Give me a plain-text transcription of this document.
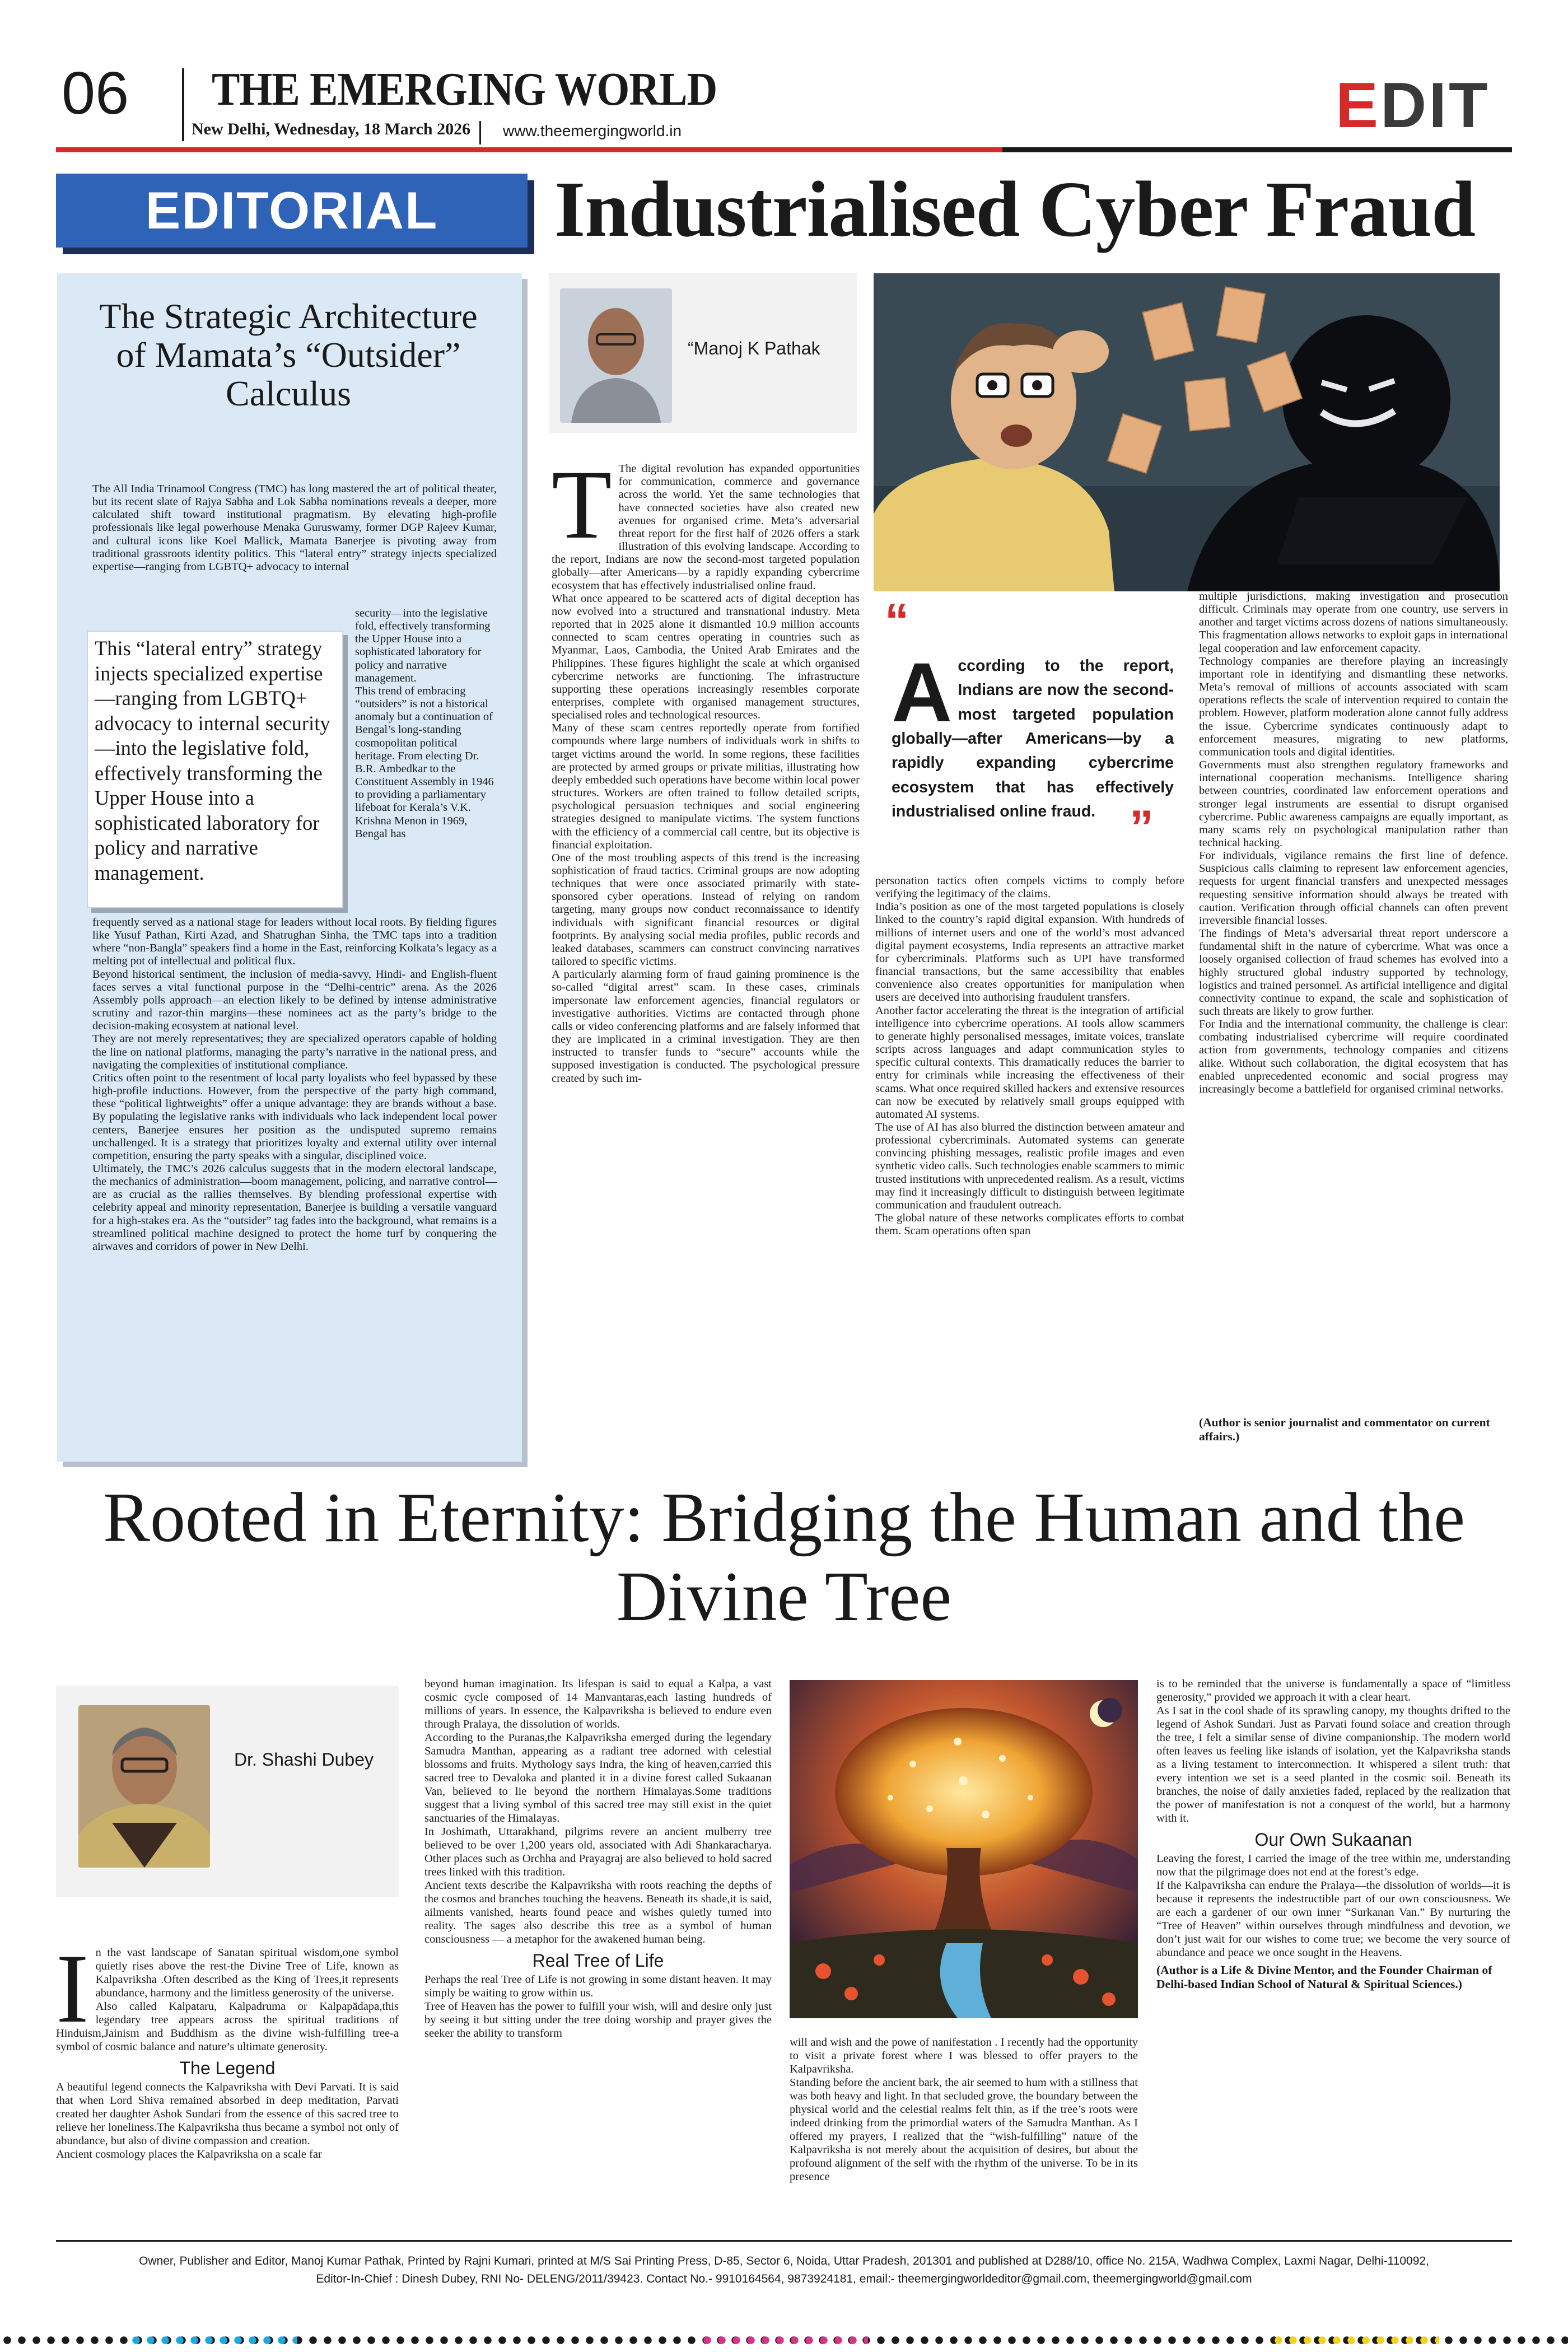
06 THE EMERGING WORLD
New Delhi, Wednesday, 18 March 2026 www.theemergingworld.in	EDIT
EDITORIAL	Industrialised Cyber Fraud
The Strategic Architecture of Mamata’s “Outsider” Calculus
The All India Trinamool Congress (TMC) has long mastered the art of political theater, but its recent slate of Rajya Sabha and Lok Sabha nominations reveals a deeper, more calculated shift toward institutional pragmatism. By elevating high-profile professionals like legal powerhouse Menaka Guruswamy, former DGP Rajeev Kumar, and cultural icons like Koel Mallick, Mamata Banerjee is pivoting away from traditional grassroots identity politics. This “lateral entry” strategy injects specialized expertise—ranging from LGBTQ+ advocacy to internal
This “lateral entry” strategy injects specialized expertise—ranging from LGBTQ+ advocacy to internal security—into the legislative fold, effectively transforming the Upper House into a sophisticated laboratory for policy and narrative management.
security—into the legislative fold, effectively transforming the Upper House into a sophisticated laboratory for policy and narrative management.
This trend of embracing “outsiders” is not a historical anomaly but a continuation of Bengal’s long-standing cosmopolitan political heritage. From electing Dr. B.R. Ambedkar to the Constituent Assembly in 1946 to providing a parliamentary lifeboat for Kerala’s V.K. Krishna Menon in 1969, Bengal has
frequently served as a national stage for leaders without local roots. By fielding figures like Yusuf Pathan, Kirti Azad, and Shatrughan Sinha, the TMC taps into a tradition where “non-Bangla” speakers find a home in the East, reinforcing Kolkata’s legacy as a melting pot of intellectual and political flux.
Beyond historical sentiment, the inclusion of media-savvy, Hindi- and English-fluent faces serves a vital functional purpose in the “Delhi-centric” arena. As the 2026 Assembly polls approach—an election likely to be defined by intense administrative scrutiny and razor-thin margins—these nominees act as the party’s bridge to the decision-making ecosystem at national level.
They are not merely representatives; they are specialized operators capable of holding the line on national platforms, managing the party’s narrative in the national press, and navigating the complexities of institutional compliance.
Critics often point to the resentment of local party loyalists who feel bypassed by these high-profile inductions. However, from the perspective of the party high command, these “political lightweights” offer a unique advantage: they are brands without a base. By populating the legislative ranks with individuals who lack independent local power centers, Banerjee ensures her position as the undisputed supremo remains unchallenged. It is a strategy that prioritizes loyalty and external utility over internal competition, ensuring the party speaks with a singular, disciplined voice.
Ultimately, the TMC’s 2026 calculus suggests that in the modern electoral landscape, the mechanics of administration—boom management, policing, and narrative control—are as crucial as the rallies themselves. By blending professional expertise with celebrity appeal and minority representation, Banerjee is building a versatile vanguard for a high-stakes era. As the “outsider” tag fades into the background, what remains is a streamlined political machine designed to protect the home turf by conquering the airwaves and corridors of power in New Delhi.
“Manoj K Pathak

T The digital revolution has expanded opportunities for communication, commerce and governance across the world. Yet the same technologies that have connected societies have also created new avenues for organised crime. Meta’s adversarial threat report for the first half of 2026 offers a stark illustration of this evolving landscape. According to the report, Indians are now the second-most targeted population globally—after Americans—by a rapidly expanding cybercrime ecosystem that has effectively industrialised online fraud.
What once appeared to be scattered acts of digital deception has now evolved into a structured and transnational industry. Meta reported that in 2025 alone it dismantled 10.9 million accounts connected to scam centres operating in countries such as Myanmar, Laos, Cambodia, the United Arab Emirates and the Philippines. These figures highlight the scale at which organised cybercrime networks are functioning. The infrastructure supporting these operations increasingly resembles corporate enterprises, complete with organised management structures, specialised roles and technological resources.
Many of these scam centres reportedly operate from fortified compounds where large numbers of individuals work in shifts to target victims around the world. In some regions, these facilities are protected by armed groups or private militias, illustrating how deeply embedded such operations have become within local power structures. Workers are often trained to follow detailed scripts, psychological persuasion techniques and social engineering strategies designed to manipulate victims. The system functions with the efficiency of a commercial call centre, but its objective is financial exploitation.
One of the most troubling aspects of this trend is the increasing sophistication of fraud tactics. Criminal groups are now adopting techniques that were once associated primarily with state-sponsored cyber operations. Instead of relying on random targeting, many groups now conduct reconnaissance to identify individuals with significant financial resources or digital footprints. By analysing social media profiles, public records and leaked databases, scammers can construct convincing narratives tailored to specific victims.
A particularly alarming form of fraud gaining prominence is the so-called “digital arrest” scam. In these cases, criminals impersonate law enforcement agencies, financial regulators or investigative authorities. Victims are contacted through phone calls or video conferencing platforms and are falsely informed that they are implicated in a criminal investigation. They are then instructed to transfer funds to “secure” accounts while the supposed investigation is conducted. The psychological pressure created by such im-

“
According to the report, Indians are now the second-most targeted population globally—after Americans—by a rapidly expanding cybercrime ecosystem that has effectively industrialised online fraud. ”
personation tactics often compels victims to comply before verifying the legitimacy of the claims.
India’s position as one of the most targeted populations is closely linked to the country’s rapid digital expansion. With hundreds of millions of internet users and one of the world’s most advanced digital payment ecosystems, India represents an attractive market for cybercriminals. Platforms such as UPI have transformed financial transactions, but the same accessibility that enables convenience also creates opportunities for manipulation when users are deceived into authorising fraudulent transfers.
Another factor accelerating the threat is the integration of artificial intelligence into cybercrime operations. AI tools allow scammers to generate highly personalised messages, imitate voices, translate scripts across languages and adapt communication styles to specific cultural contexts. This dramatically reduces the barrier to entry for criminals while increasing the effectiveness of their scams. What once required skilled hackers and extensive resources can now be executed by relatively small groups equipped with automated AI systems.
The use of AI has also blurred the distinction between amateur and professional cybercriminals. Automated systems can generate convincing phishing messages, realistic profile images and even synthetic video calls. Such technologies enable scammers to mimic trusted institutions with unprecedented realism. As a result, victims may find it increasingly difficult to distinguish between legitimate communication and fraudulent outreach.
The global nature of these networks complicates efforts to combat them. Scam operations often span
multiple jurisdictions, making investigation and prosecution difficult. Criminals may operate from one country, use servers in another and target victims across dozens of nations simultaneously. This fragmentation allows networks to exploit gaps in international legal cooperation and law enforcement capacity.
Technology companies are therefore playing an increasingly important role in identifying and dismantling these networks. Meta’s removal of millions of accounts associated with scam operations reflects the scale of intervention required to contain the problem. However, platform moderation alone cannot fully address the issue. Cybercrime syndicates continuously adapt to enforcement measures, migrating to new platforms, communication tools and digital identities.
Governments must also strengthen regulatory frameworks and international cooperation mechanisms. Intelligence sharing between countries, coordinated law enforcement operations and stronger legal instruments are essential to disrupt organised cybercrime. Public awareness campaigns are equally important, as many scams rely on psychological manipulation rather than technical hacking.
For individuals, vigilance remains the first line of defence. Suspicious calls claiming to represent law enforcement agencies, requests for urgent financial transfers and unexpected messages requesting sensitive information should always be treated with caution. Verification through official channels can often prevent irreversible financial losses.
The findings of Meta’s adversarial threat report underscore a fundamental shift in the nature of cybercrime. What was once a loosely organised collection of fraud schemes has evolved into a highly structured global industry supported by technology, logistics and trained personnel. As artificial intelligence and digital connectivity continue to expand, the scale and sophistication of such threats are likely to grow further.
For India and the international community, the challenge is clear: combating industrialised cybercrime will require coordinated action from governments, technology companies and citizens alike. Without such collaboration, the digital ecosystem that has enabled unprecedented economic and social progress may increasingly become a battlefield for organised criminal networks.
(Author is senior journalist and commentator on current affairs.)
Rooted in Eternity: Bridging the Human and the Divine Tree
Dr. Shashi Dubey

In the vast landscape of Sanatan spiritual wisdom,one symbol quietly rises above the rest-the Divine Tree of Life, known as Kalpavriksha .Often described as the King of Trees,it represents abundance, harmony and the limitless generosity of the universe.
Also called Kalpataru, Kalpadruma or Kalpapādapa,this legendary tree appears across the spiritual traditions of Hinduism,Jainism and Buddhism as the divine wish-fulfilling tree-a symbol of cosmic balance and nature’s ultimate generosity.

The Legend
A beautiful legend connects the Kalpavriksha with Devi Parvati. It is said that when Lord Shiva remained absorbed in deep meditation, Parvati created her daughter Ashok Sundari from the essence of this sacred tree to relieve her loneliness.The Kalpavriksha thus became a symbol not only of abundance, but also of divine compassion and creation.
Ancient cosmology places the Kalpavriksha on a scale far
beyond human imagination. Its lifespan is said to equal a Kalpa, a vast cosmic cycle composed of 14 Manvantaras,each lasting hundreds of millions of years. In essence, the Kalpavriksha is believed to endure even through Pralaya, the dissolution of worlds.
According to the Puranas,the Kalpavriksha emerged during the legendary Samudra Manthan, appearing as a radiant tree adorned with celestial blossoms and fruits. Mythology says Indra, the king of heaven,carried this sacred tree to Devaloka and planted it in a divine forest called Sukaanan Van, believed to lie beyond the northern Himalayas.Some traditions suggest that a living symbol of this sacred tree may still exist in the quiet sanctuaries of the Himalayas.
In Joshimath, Uttarakhand, pilgrims revere an ancient mulberry tree believed to be over 1,200 years old, associated with Adi Shankaracharya. Other places such as Orchha and Prayagraj are also believed to hold sacred trees linked with this tradition.
Ancient texts describe the Kalpavriksha with roots reaching the depths of the cosmos and branches touching the heavens. Beneath its shade,it is said, ailments vanished, hearts found peace and wishes quietly turned into reality. The sages also describe this tree as a symbol of human consciousness — a metaphor for the awakened human being.
Real Tree of Life
Perhaps the real Tree of Life is not growing in some distant heaven. It may simply be waiting to grow within us.
Tree of Heaven has the power to fulfill your wish, will and desire only just by seeing it but sitting under the tree doing worship and prayer gives the seeker the ability to transform
will and wish and the powe of nanifestation . I recently had the opportunity to visit a private forest where I was blessed to offer prayers to the Kalpavriksha.
Standing before the ancient bark, the air seemed to hum with a stillness that was both heavy and light. In that secluded grove, the boundary between the physical world and the celestial realms felt thin, as if the tree’s roots were indeed drinking from the primordial waters of the Samudra Manthan. As I offered my prayers, I realized that the “wish-fulfilling” nature of the Kalpavriksha is not merely about the acquisition of desires, but about the profound alignment of the self with the rhythm of the universe. To be in its presence
is to be reminded that the universe is fundamentally a space of “limitless generosity,” provided we approach it with a clear heart.
As I sat in the cool shade of its sprawling canopy, my thoughts drifted to the legend of Ashok Sundari. Just as Parvati found solace and creation through the tree, I felt a similar sense of divine companionship. The modern world often leaves us feeling like islands of isolation, yet the Kalpavriksha stands as a living testament to interconnection. It whispered a silent truth: that every intention we set is a seed planted in the cosmic soil. Beneath its branches, the noise of daily anxieties faded, replaced by the realization that the power of manifestation is not a conquest of the world, but a harmony with it.
Our Own Sukaanan
Leaving the forest, I carried the image of the tree within me, understanding now that the pilgrimage does not end at the forest’s edge.
If the Kalpavriksha can endure the Pralaya—the dissolution of worlds—it is because it represents the indestructible part of our own consciousness. We are each a gardener of our own inner “Surkanan Van.” By nurturing the “Tree of Heaven” within ourselves through mindfulness and devotion, we don’t just wait for our wishes to come true; we become the very source of abundance and peace we once sought in the Heavens.
(Author is a Life & Divine Mentor, and the Founder Chairman of Delhi-based Indian School of Natural & Spiritual Sciences.)
Owner, Publisher and Editor, Manoj Kumar Pathak, Printed by Rajni Kumari, printed at M/S Sai Printing Press, D-85, Sector 6, Noida, Uttar Pradesh, 201301 and published at D288/10, office No. 215A, Wadhwa Complex, Laxmi Nagar, Delhi-110092,
Editor-In-Chief : Dinesh Dubey, RNI No- DELENG/2011/39423. Contact No.- 9910164564, 9873924181, email:- theemergingworldeditor@gmail.com, theemergingworld@gmail.com
